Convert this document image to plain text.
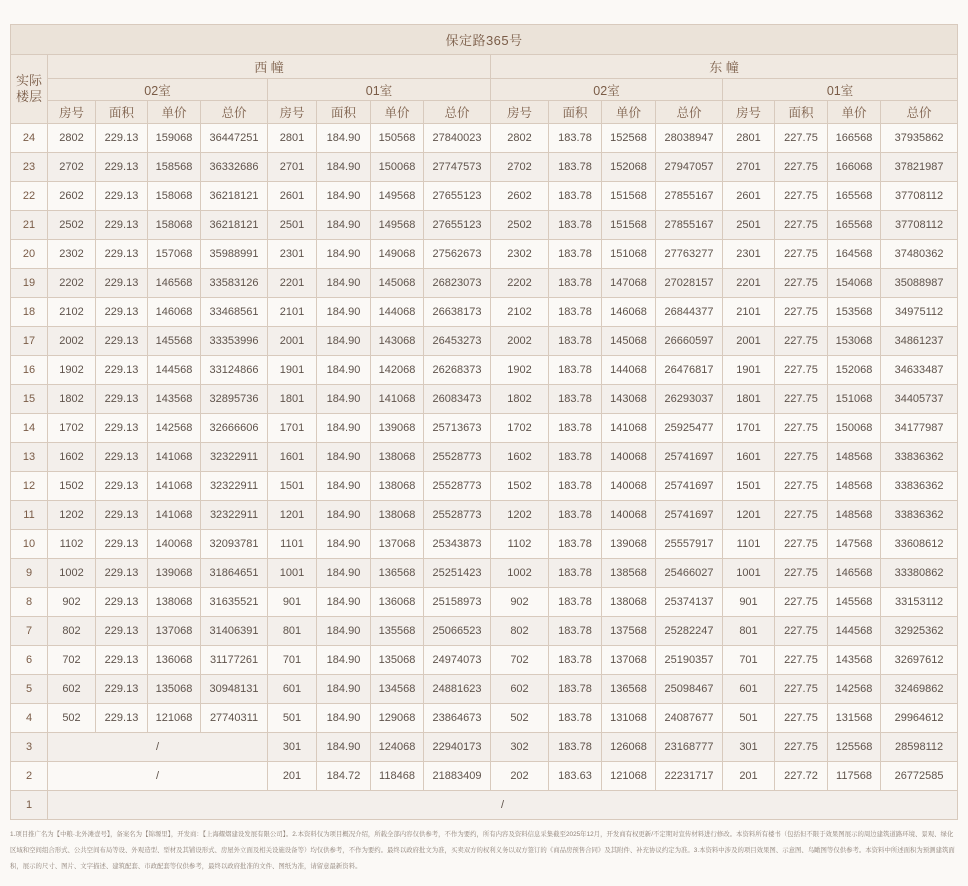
保定路365号																

实际
楼层	西 幢								东 幢							
	02室				01室				02室				01室			
	房号	面积	单价	总价	房号	面积	单价	总价	房号	面积	单价	总价	房号	面积	单价	总价
24	2802	229.13	159068	36447251	2801	184.90	150568	27840023	2802	183.78	152568	28038947	2801	227.75	166568	37935862
23	2702	229.13	158568	36332686	2701	184.90	150068	27747573	2702	183.78	152068	27947057	2701	227.75	166068	37821987
22	2602	229.13	158068	36218121	2601	184.90	149568	27655123	2602	183.78	151568	27855167	2601	227.75	165568	37708112
21	2502	229.13	158068	36218121	2501	184.90	149568	27655123	2502	183.78	151568	27855167	2501	227.75	165568	37708112
20	2302	229.13	157068	35988991	2301	184.90	149068	27562673	2302	183.78	151068	27763277	2301	227.75	164568	37480362
19	2202	229.13	146568	33583126	2201	184.90	145068	26823073	2202	183.78	147068	27028157	2201	227.75	154068	35088987
18	2102	229.13	146068	33468561	2101	184.90	144068	26638173	2102	183.78	146068	26844377	2101	227.75	153568	34975112
17	2002	229.13	145568	33353996	2001	184.90	143068	26453273	2002	183.78	145068	26660597	2001	227.75	153068	34861237
16	1902	229.13	144568	33124866	1901	184.90	142068	26268373	1902	183.78	144068	26476817	1901	227.75	152068	34633487
15	1802	229.13	143568	32895736	1801	184.90	141068	26083473	1802	183.78	143068	26293037	1801	227.75	151068	34405737
14	1702	229.13	142568	32666606	1701	184.90	139068	25713673	1702	183.78	141068	25925477	1701	227.75	150068	34177987
13	1602	229.13	141068	32322911	1601	184.90	138068	25528773	1602	183.78	140068	25741697	1601	227.75	148568	33836362
12	1502	229.13	141068	32322911	1501	184.90	138068	25528773	1502	183.78	140068	25741697	1501	227.75	148568	33836362
11	1202	229.13	141068	32322911	1201	184.90	138068	25528773	1202	183.78	140068	25741697	1201	227.75	148568	33836362
10	1102	229.13	140068	32093781	1101	184.90	137068	25343873	1102	183.78	139068	25557917	1101	227.75	147568	33608612
9	1002	229.13	139068	31864651	1001	184.90	136568	25251423	1002	183.78	138568	25466027	1001	227.75	146568	33380862
8	902	229.13	138068	31635521	901	184.90	136068	25158973	902	183.78	138068	25374137	901	227.75	145568	33153112
7	802	229.13	137068	31406391	801	184.90	135568	25066523	802	183.78	137568	25282247	801	227.75	144568	32925362
6	702	229.13	136068	31177261	701	184.90	135068	24974073	702	183.78	137068	25190357	701	227.75	143568	32697612
5	602	229.13	135068	30948131	601	184.90	134568	24881623	602	183.78	136568	25098467	601	227.75	142568	32469862
4	502	229.13	121068	27740311	501	184.90	129068	23864673	502	183.78	131068	24087677	501	227.75	131568	29964612
3	/				301	184.90	124068	22940173	302	183.78	126068	23168777	301	227.75	125568	28598112
2	/				201	184.72	118468	21883409	202	183.63	121068	22231717	201	227.72	117568	26772585
1	/															
1.项目推广名为【中粮·北外滩壹号】，备案名为【锦塬里】，开发商：【上海耀熠建设发展有限公司】。2.本资料仅为项目概况介绍，所载全部内容仅供参考，不作为要约，所有内容及资料信息采集截至2025年12月，开发商有权更新/不定期对宣传材料进行修改。本资料所有楼书（包括但不限于效果图展示的周边建筑道路环境、景观、绿化区域和空间组合形式、公共空间布局等设、外观造型、型材及其铺设形式、房屋外立面及相关设施设备等）均仅供参考，不作为要约。最终以政府批文为准，买卖双方的权利义务以双方签订的《商品房预售合同》及其附件、补充协议约定为准。3.本资料中涉及的项目效果图、示意图、鸟瞰图等仅供参考。本资料中所述面积为预测建筑面积，展示的尺寸、图片、文字描述、建筑配套、市政配套等仅供参考，最终以政府批准的文件、图纸为准，请留意最新资料。
